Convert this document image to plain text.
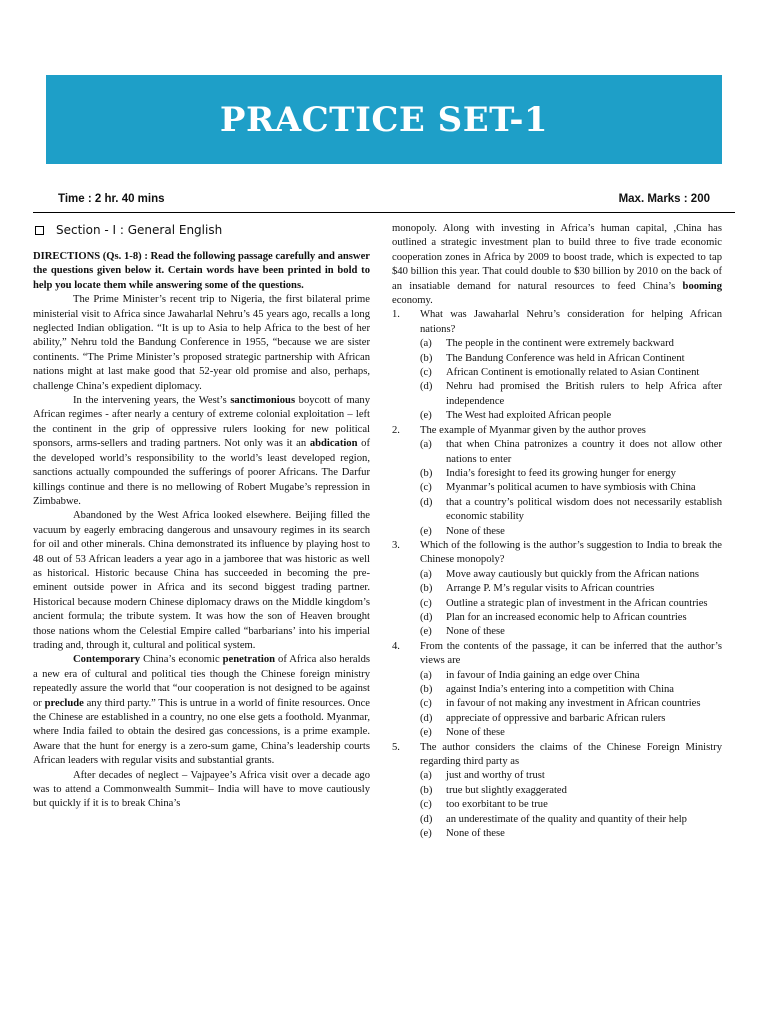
PRACTICE SET-1
Time : 2 hr. 40 mins	Max. Marks : 200
Section - I : General English

DIRECTIONS (Qs. 1-8) : Read the following passage carefully and answer the questions given below it. Certain words have been printed in bold to help you locate them while answering some of the questions.

The Prime Minister’s recent trip to Nigeria, the first bilateral prime ministerial visit to Africa since Jawaharlal Nehru’s 45 years ago, recalls a long neglected Indian obligation. “It is up to Asia to help Africa to the best of her ability,” Nehru told the Bandung Conference in 1955, “because we are sister continents. “The Prime Minister’s proposed strategic partnership with African nations might at last make good that 52-year old promise and also, perhaps, challenge China’s expedient diplomacy.

In the intervening years, the West’s sanctimonious boycott of many African regimes - after nearly a century of extreme colonial exploitation – left the continent in the grip of oppressive rulers looking for new political sponsors, arms-sellers and trading partners. Not only was it an abdication of the developed world’s responsibility to the world’s least developed region, sanctions actually compounded the sufferings of poorer Africans. The Darfur killings continue and there is no mellowing of Robert Mugabe’s repression in Zimbabwe.

Abandoned by the West Africa looked elsewhere. Beijing filled the vacuum by eagerly embracing dangerous and unsavoury regimes in its search for oil and other minerals. China demonstrated its influence by playing host to 48 out of 53 African leaders a year ago in a jamboree that was historic as well as historical. Historic because China has succeeded in becoming the pre-eminent outside power in Africa and its second biggest trading partner. Historical because modern Chinese diplomacy draws on the Middle kingdom’s ancient formula; the tribute system. It was how the son of Heaven brought those nations whom the Celestial Empire called “barbarians’ into his imperial trading and, through it, cultural and political system.

Contemporary China’s economic penetration of Africa also heralds a new era of cultural and political ties though the Chinese foreign ministry repeatedly assure the world that “our cooperation is not designed to be against or preclude any third party.” This is untrue in a world of finite resources. Once the Chinese are established in a country, no one else gets a foothold. Myanmar, where India failed to obtain the desired gas concessions, is a prime example. Aware that the hunt for energy is a zero-sum game, China’s leadership courts African leaders with regular visits and substantial grants.

After decades of neglect – Vajpayee’s Africa visit over a decade ago was to attend a Commonwealth Summit– India will have to move cautiously but quickly if it is to break China’s

monopoly. Along with investing in Africa’s human capital, ,China has outlined a strategic investment plan to build three to five trade economic cooperation zones in Africa by 2009 to boost trade, which is expected to tap $40 billion this year. That could double to $30 billion by 2010 on the back of an insatiable demand for natural resources to feed China’s booming economy.

1.	What was Jawaharlal Nehru’s consideration for helping African nations?
(a)	The people in the continent were extremely backward
(b)	The Bandung Conference was held in African Continent
(c)	African Continent is emotionally related to Asian Continent
(d)	Nehru had promised the British rulers to help Africa after independence
(e)	The West had exploited African people
2.	The example of Myanmar given by the author proves
(a)	that when China patronizes a country it does not allow other nations to enter
(b)	India’s foresight to feed its growing hunger for energy
(c)	Myanmar’s political acumen to have symbiosis with China
(d)	that a country’s political wisdom does not necessarily establish economic stability
(e)	None of these
3.	Which of the following is the author’s suggestion to India to break the Chinese monopoly?
(a)	Move away cautiously but quickly from the African nations
(b)	Arrange P. M’s regular visits to African countries
(c)	Outline a strategic plan of investment in the African countries
(d)	Plan for an increased economic help to African countries
(e)	None of these
4.	From the contents of the passage, it can be inferred that the author’s views are
(a)	in favour of India gaining an edge over China
(b)	against India’s entering into a competition with China
(c)	in favour of not making any investment in African countries
(d)	appreciate of oppressive and barbaric African rulers
(e)	None of these
5.	The author considers the claims of the Chinese Foreign Ministry regarding third party as
(a)	just and worthy of trust
(b)	true but slightly exaggerated
(c)	too exorbitant to be true
(d)	an underestimate of the quality and quantity of their help
(e)	None of these
